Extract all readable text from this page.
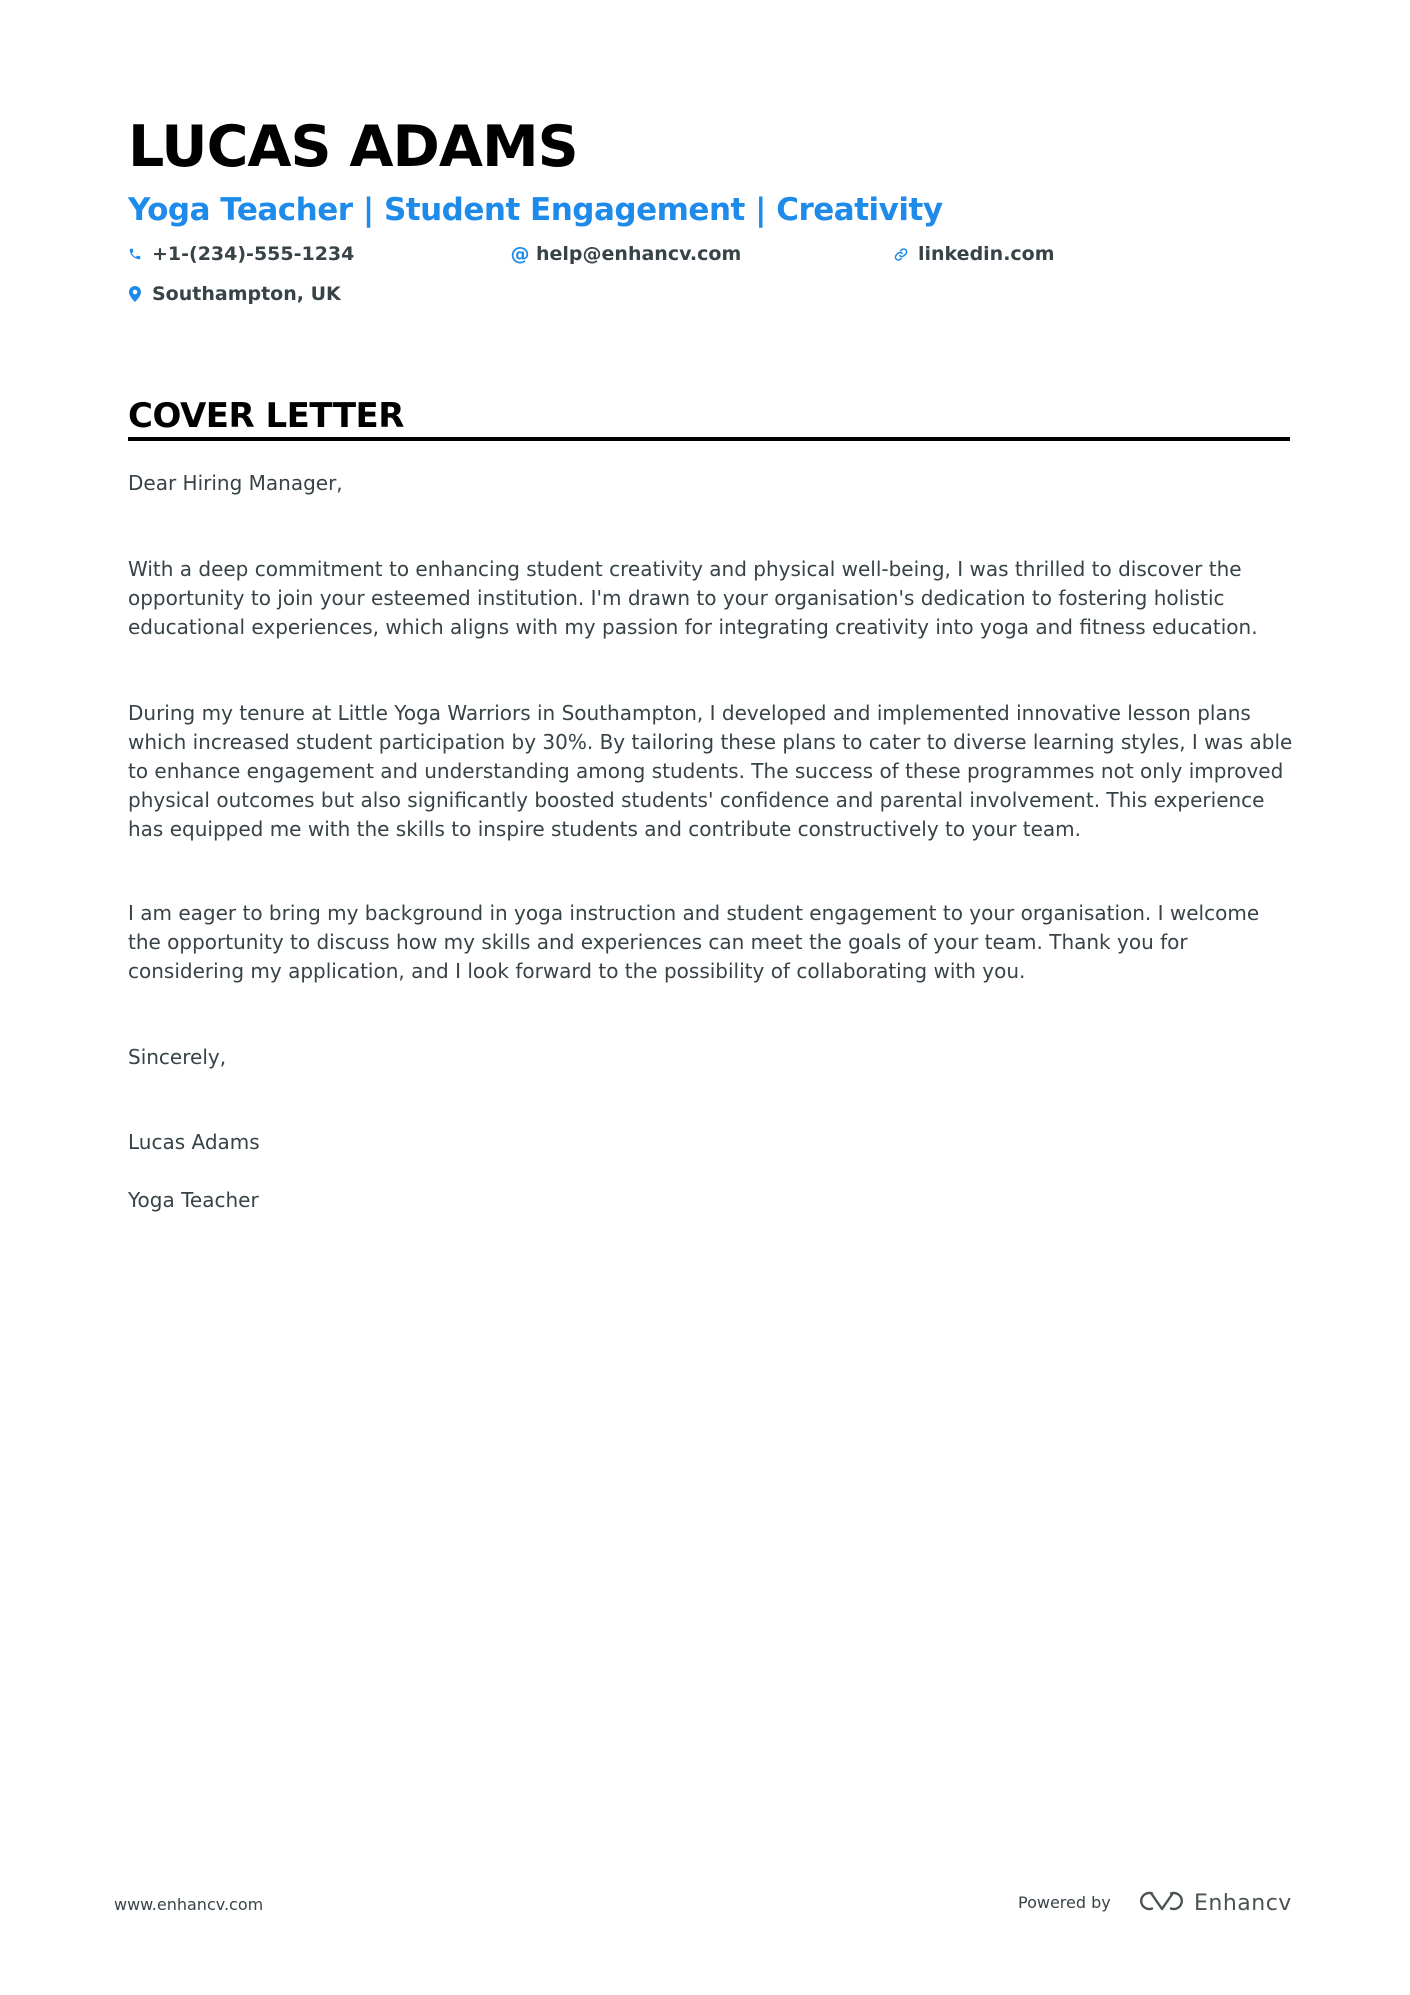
LUCAS ADAMS
Yoga Teacher | Student Engagement | Creativity
+1-(234)-555-1234	@ help@enhancv.com	linkedin.com
Southampton, UK
COVER LETTER

Dear Hiring Manager,

With a deep commitment to enhancing student creativity and physical well-being, I was thrilled to discover the opportunity to join your esteemed institution. I'm drawn to your organisation's dedication to fostering holistic educational experiences, which aligns with my passion for integrating creativity into yoga and fitness education.

During my tenure at Little Yoga Warriors in Southampton, I developed and implemented innovative lesson plans which increased student participation by 30%. By tailoring these plans to cater to diverse learning styles, I was able to enhance engagement and understanding among students. The success of these programmes not only improved physical outcomes but also significantly boosted students' confidence and parental involvement. This experience has equipped me with the skills to inspire students and contribute constructively to your team.

I am eager to bring my background in yoga instruction and student engagement to your organisation. I welcome the opportunity to discuss how my skills and experiences can meet the goals of your team. Thank you for considering my application, and I look forward to the possibility of collaborating with you.

Sincerely,

Lucas Adams

Yoga Teacher

www.enhancv.com	Powered by	Enhancv
